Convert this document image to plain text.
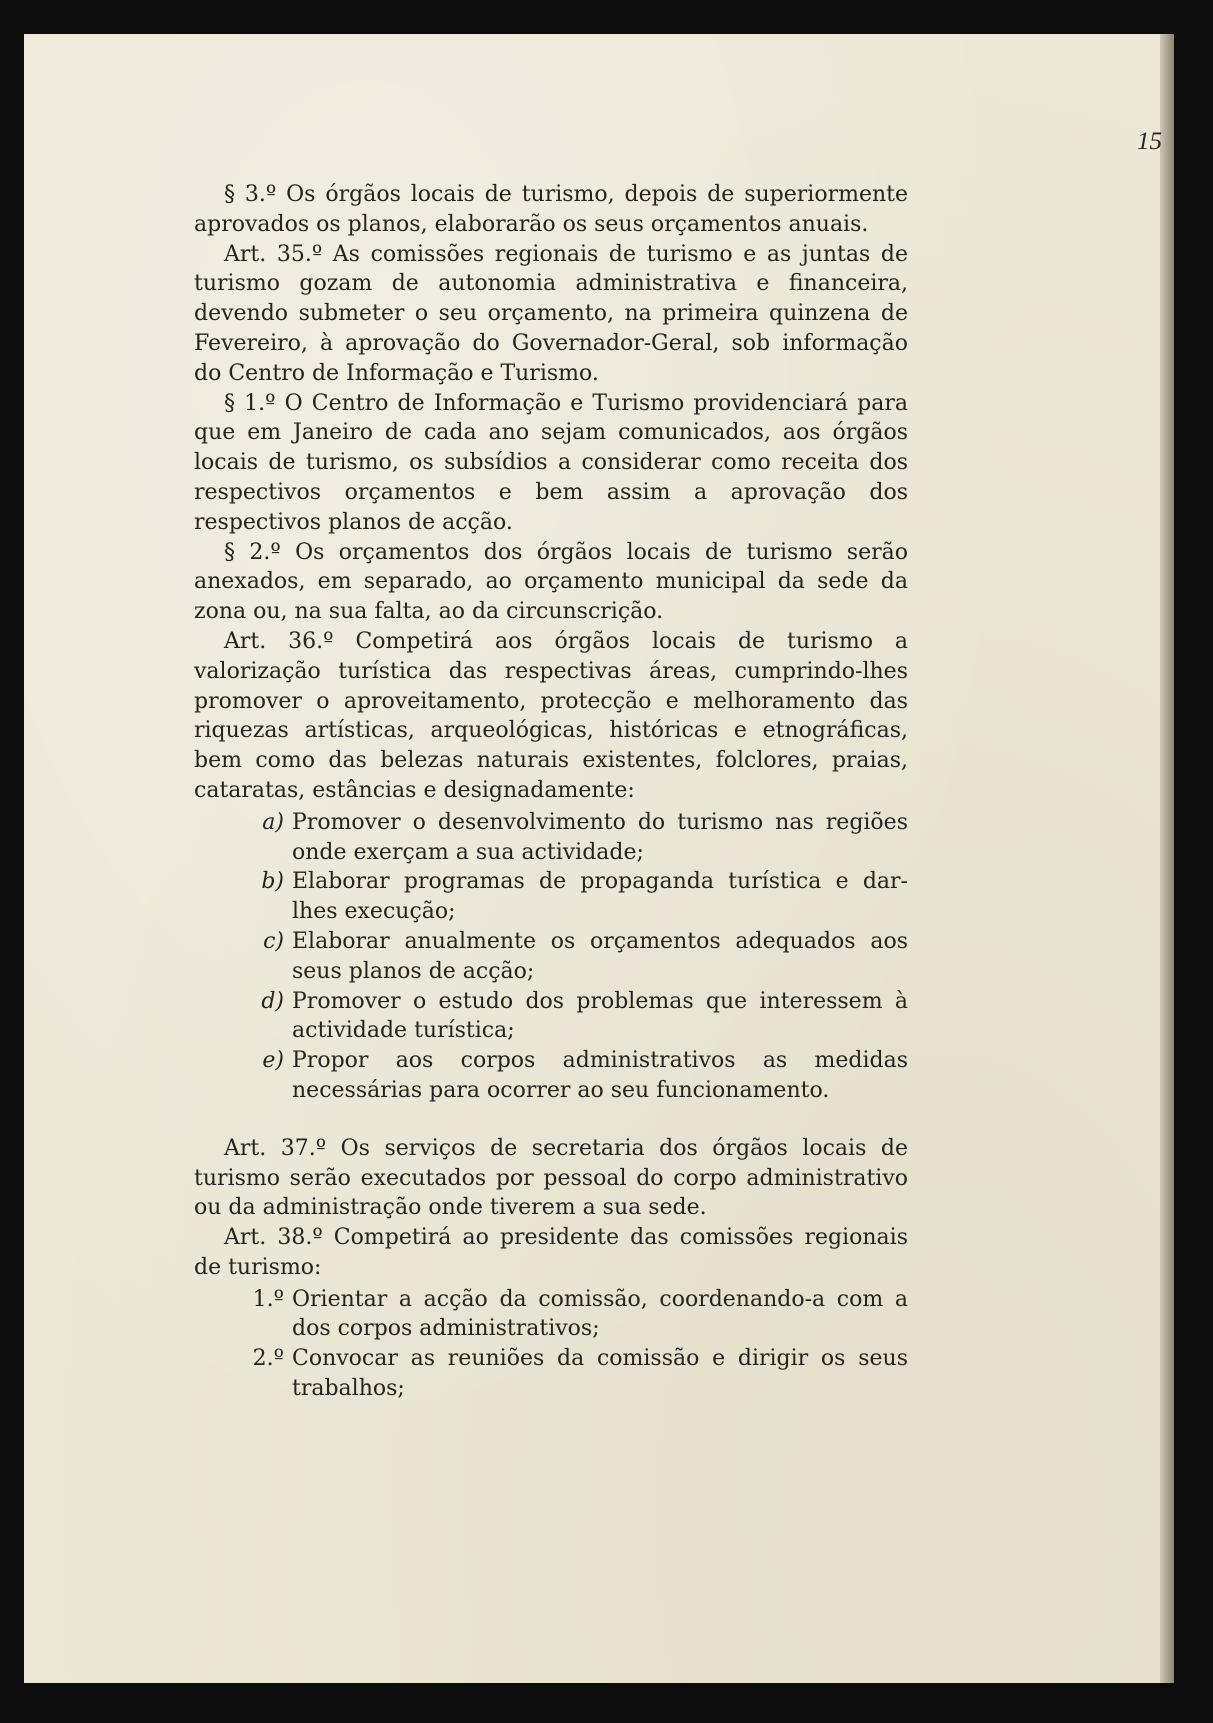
15

§ 3.º Os órgãos locais de turismo, depois de superiormente aprovados os planos, elaborarão os seus orçamentos anuais.

Art. 35.º As comissões regionais de turismo e as juntas de turismo gozam de autonomia administrativa e financeira, devendo submeter o seu orçamento, na primeira quinzena de Fevereiro, à aprovação do Governador-Geral, sob informação do Centro de Informação e Turismo.

§ 1.º O Centro de Informação e Turismo providenciará para que em Janeiro de cada ano sejam comunicados, aos órgãos locais de turismo, os subsídios a considerar como receita dos respectivos orçamentos e bem assim a aprovação dos respectivos planos de acção.

§ 2.º Os orçamentos dos órgãos locais de turismo serão anexados, em separado, ao orçamento municipal da sede da zona ou, na sua falta, ao da circunscrição.

Art. 36.º Competirá aos órgãos locais de turismo a valorização turística das respectivas áreas, cumprindo-lhes promover o aproveitamento, protecção e melhoramento das riquezas artísticas, arqueológicas, históricas e etnográficas, bem como das belezas naturais existentes, folclores, praias, cataratas, estâncias e designadamente:

a) Promover o desenvolvimento do turismo nas regiões onde exerçam a sua actividade;
b) Elaborar programas de propaganda turística e dar-lhes execução;
c) Elaborar anualmente os orçamentos adequados aos seus planos de acção;
d) Promover o estudo dos problemas que interessem à actividade turística;
e) Propor aos corpos administrativos as medidas necessárias para ocorrer ao seu funcionamento.

Art. 37.º Os serviços de secretaria dos órgãos locais de turismo serão executados por pessoal do corpo administrativo ou da administração onde tiverem a sua sede.

Art. 38.º Competirá ao presidente das comissões regionais de turismo:

1.º Orientar a acção da comissão, coordenando-a com a dos corpos administrativos;
2.º Convocar as reuniões da comissão e dirigir os seus trabalhos;
